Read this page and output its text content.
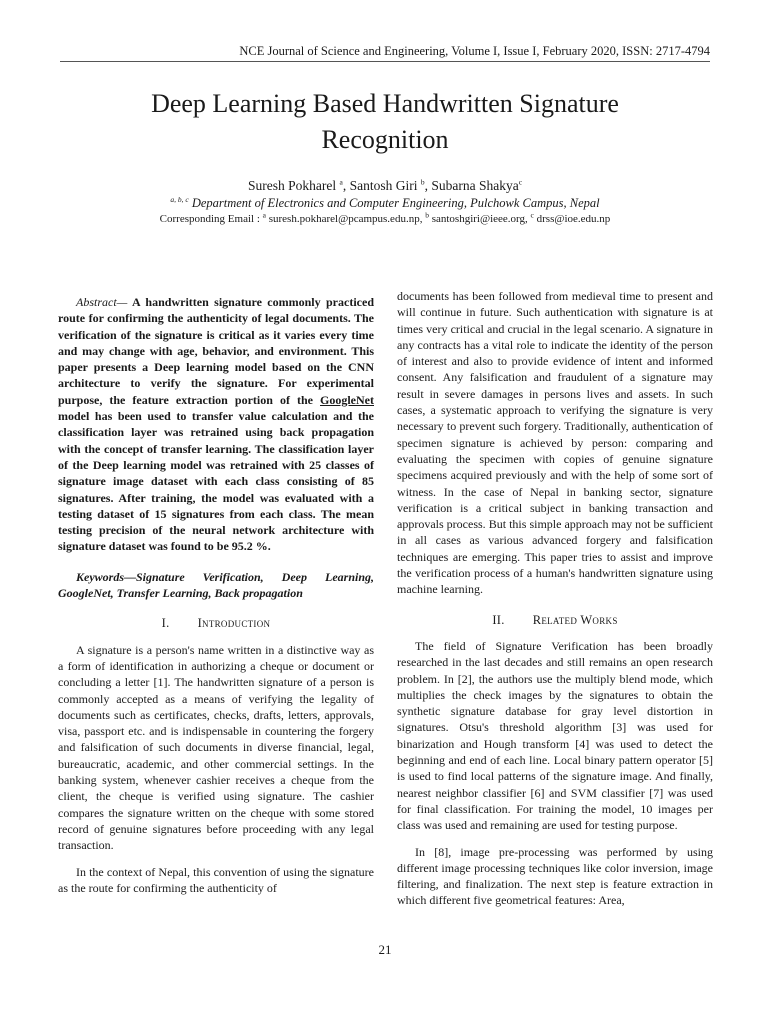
NCE Journal of Science and Engineering, Volume I, Issue I, February 2020, ISSN: 2717-4794
Deep Learning Based Handwritten Signature
Recognition
Suresh Pokharel $^a$, Santosh Giri $^b$, Subarna Shakya$^c$
$^{a, b, c}$ Department of Electronics and Computer Engineering, Pulchowk Campus, Nepal
Corresponding Email : $^a$ suresh.pokharel@pcampus.edu.np, $^b$ santoshgiri@ieee.org, $^c$ drss@ioe.edu.np

Abstract— A handwritten signature commonly practiced route for confirming the authenticity of legal documents. The verification of the signature is critical as it varies every time and may change with age, behavior, and environment. This paper presents a Deep learning model based on the CNN architecture to verify the signature. For experimental purpose, the feature extraction portion of the GoogleNet model has been used to transfer value calculation and the classification layer was retrained using back propagation with the concept of transfer learning. The classification layer of the Deep learning model was retrained with 25 classes of signature image dataset with each class consisting of 85 signatures. After training, the model was evaluated with a testing dataset of 15 signatures from each class. The mean testing precision of the neural network architecture with signature dataset was found to be 95.2 %.

Keywords—Signature Verification, Deep Learning, GoogleNet, Transfer Learning, Back propagation

I. Introduction

A signature is a person's name written in a distinctive way as a form of identification in authorizing a cheque or document or concluding a letter [1]. The handwritten signature of a person is commonly accepted as a means of verifying the legality of documents such as certificates, checks, drafts, letters, approvals, visa, passport etc. and is indispensable in countering the forgery and falsification of such documents in diverse financial, legal, bureaucratic, academic, and other commercial settings. In the banking system, whenever cashier receives a cheque from the client, the cheque is verified using signature. The cashier compares the signature written on the cheque with some stored record of genuine signatures before proceeding with any legal transaction.

In the context of Nepal, this convention of using the signature as the route for confirming the authenticity of

documents has been followed from medieval time to present and will continue in future. Such authentication with signature is at times very critical and crucial in the legal scenario. A signature in any contracts has a vital role to indicate the identity of the person of interest and also to provide evidence of intent and informed consent. Any falsification and fraudulent of a signature may result in severe damages in persons lives and assets. In such cases, a systematic approach to verifying the signature is very necessary to prevent such forgery. Traditionally, authentication of specimen signature is achieved by person: comparing and evaluating the specimen with copies of genuine signature specimens acquired previously and with the help of some sort of witness. In the case of Nepal in banking sector, signature verification is a critical subject in banking transaction and approvals process. But this simple approach may not be sufficient in all cases as various advanced forgery and falsification techniques are emerging. This paper tries to assist and improve the verification process of a human's handwritten signature using machine learning.

II. Related Works

The field of Signature Verification has been broadly researched in the last decades and still remains an open research problem. In [2], the authors use the multiply blend mode, which multiplies the check images by the signatures to obtain the synthetic signature database for gray level distortion in signatures. Otsu's threshold algorithm [3] was used for binarization and Hough transform [4] was used to detect the beginning and end of each line. Local binary pattern operator [5] is used to find local patterns of the signature image. And finally, nearest neighbor classifier [6] and SVM classifier [7] was used for final classification. For training the model, 10 images per class was used and remaining are used for testing purpose.

In [8], image pre-processing was performed by using different image processing techniques like color inversion, image filtering, and finalization. The next step is feature extraction in which different five geometrical features: Area,

21
